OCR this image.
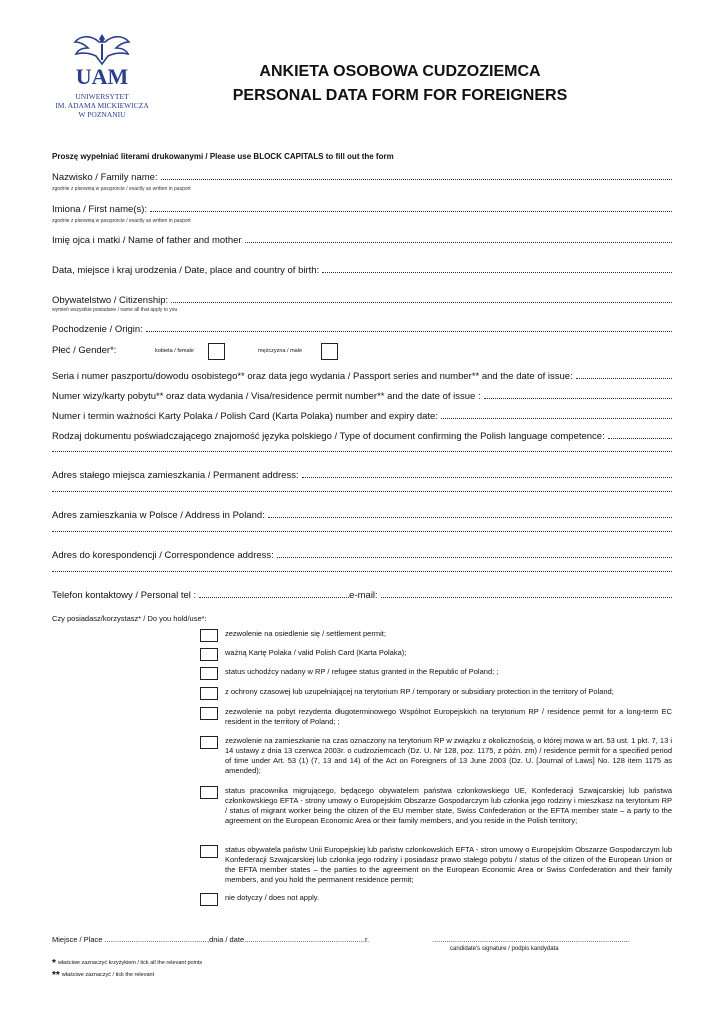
UAM
UNIWERSYTET
IM. ADAMA MICKIEWICZA
W POZNANIU
ANKIETA OSOBOWA CUDZOZIEMCA
PERSONAL DATA FORM FOR FOREIGNERS
Proszę wypełniać literami drukowanymi / Please use BLOCK CAPITALS to fill out the form
Nazwisko / Family name:
zgodnie z pisownią w paszporcie / exactly as written in pasport
Imiona / First name(s):
zgodnie z pisownią w paszporcie / exactly as written in pasport
Imię ojca i matki / Name of father and mother
Data, miejsce i kraj urodzenia / Date, place and country of birth:
Obywatelstwo / Citizenship:
wymień wszystkie posiadane / name all that apply to you
Pochodzenie / Origin:
Płeć / Gender*:	kobieta / female	mężczyzna / male
Seria i numer paszportu/dowodu osobistego** oraz data jego wydania / Passport series and number** and the date of issue:
Numer wizy/karty pobytu** oraz data wydania / Visa/residence permit number** and the date of issue :
Numer i termin ważności Karty Polaka / Polish Card (Karta Polaka) number and expiry date:
Rodzaj dokumentu poświadczającego znajomość języka polskiego / Type of document confirming the Polish language competence:
Adres stałego miejsca zamieszkania / Permanent address:
Adres zamieszkania w Polsce / Address in Poland:
Adres do korespondencji / Correspondence address:
Telefon kontaktowy / Personal tel :	e-mail:
Czy posiadasz/korzystasz* / Do you hold/use*:
zezwolenie na osiedlenie się / settlement permit;
ważną Kartę Polaka / valid Polish Card (Karta Polaka);
status uchodźcy nadany w RP / refugee status granted in the Republic of Poland; ;
z ochrony czasowej lub uzupełniającej na terytorium RP / temporary or subsidiary protection in the territory of Poland;
zezwolenie na pobyt rezydenta długoterminowego Wspólnot Europejskich na terytorium RP / residence permit for a long-term EC resident in the territory of Poland; ;
zezwolenie na zamieszkanie na czas oznaczony na terytorium RP w związku z okolicznością, o której mowa w art. 53 ust. 1 pkt. 7, 13 i 14 ustawy z dnia 13 czerwca 2003r. o cudzoziemcach (Dz. U. Nr 128, poz. 1175, z późn. zm) / residence permit for a specified period of time under Art. 53 (1) (7, 13 and 14) of the Act on Foreigners of 13 June 2003 (Dz. U. [Journal of Laws] No. 128 item 1175 as amended);
status pracownika migrującego, będącego obywatelem państwa członkowskiego UE, Konfederacji Szwajcarskiej lub państwa członkowskiego EFTA - strony umowy o Europejskim Obszarze Gospodarczym lub członka jego rodziny i mieszkasz na terytorium RP / status of migrant worker being the citizen of the EU member state, Swiss Confederation or the EFTA member state – a party to the agreement on the European Economic Area or their family members, and you reside in the Polish territory;
status obywatela państw Unii Europejskiej lub państw członkowskich EFTA - stron umowy o Europejskim Obszarze Gospodarczym lub Konfederacji Szwajcarskiej lub członka jego rodziny i posiadasz prawo stałego pobytu / status of the citizen of the European Union or the EFTA member states – the parties to the agreement on the European Economic Area or Swiss Confederation and their family members, and you hold the permanent residence permit;
nie dotyczy / does not apply.
Miejsce / Place ................................................. ,dnia / date..........................................................r.	...............................................................................................
candidate's signature / podpis kandydata
* właściwe zaznaczyć krzyżykiem / tick all the relevant points
** właściwe zaznaczyć / tick the relevant
